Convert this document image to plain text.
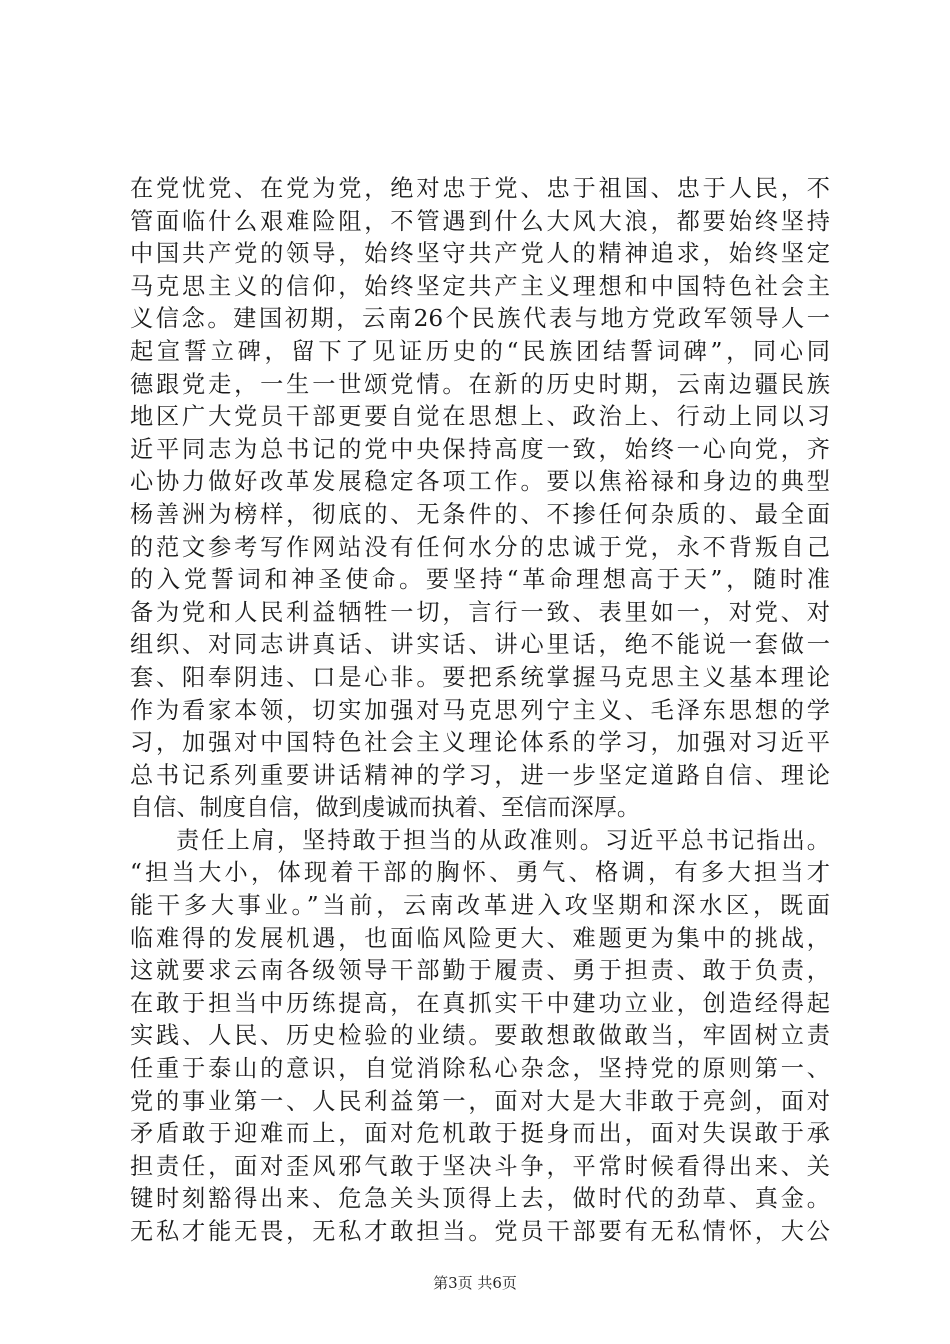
在党忧党、在党为党，绝对忠于党、忠于祖国、忠于人民，不
管面临什么艰难险阻，不管遇到什么大风大浪，都要始终坚持
中国共产党的领导，始终坚守共产党人的精神追求，始终坚定
马克思主义的信仰，始终坚定共产主义理想和中国特色社会主
义信念。建国初期，云南26个民族代表与地方党政军领导人一
起宣誓立碑，留下了见证历史的“民族团结誓词碑”，同心同
德跟党走，一生一世颂党情。在新的历史时期，云南边疆民族
地区广大党员干部更要自觉在思想上、政治上、行动上同以习
近平同志为总书记的党中央保持高度一致，始终一心向党，齐
心协力做好改革发展稳定各项工作。要以焦裕禄和身边的典型
杨善洲为榜样，彻底的、无条件的、不掺任何杂质的、最全面
的范文参考写作网站没有任何水分的忠诚于党，永不背叛自己
的入党誓词和神圣使命。要坚持“革命理想高于天”，随时准
备为党和人民利益牺牲一切，言行一致、表里如一，对党、对
组织、对同志讲真话、讲实话、讲心里话，绝不能说一套做一
套、阳奉阴违、口是心非。要把系统掌握马克思主义基本理论
作为看家本领，切实加强对马克思列宁主义、毛泽东思想的学
习，加强对中国特色社会主义理论体系的学习，加强对习近平
总书记系列重要讲话精神的学习，进一步坚定道路自信、理论
自信、制度自信，做到虔诚而执着、至信而深厚。
责任上肩，坚持敢于担当的从政准则。习近平总书记指出。
“担当大小，体现着干部的胸怀、勇气、格调，有多大担当才
能干多大事业。”当前，云南改革进入攻坚期和深水区，既面
临难得的发展机遇，也面临风险更大、难题更为集中的挑战，
这就要求云南各级领导干部勤于履责、勇于担责、敢于负责，
在敢于担当中历练提高，在真抓实干中建功立业，创造经得起
实践、人民、历史检验的业绩。要敢想敢做敢当，牢固树立责
任重于泰山的意识，自觉消除私心杂念，坚持党的原则第一、
党的事业第一、人民利益第一，面对大是大非敢于亮剑，面对
矛盾敢于迎难而上，面对危机敢于挺身而出，面对失误敢于承
担责任，面对歪风邪气敢于坚决斗争，平常时候看得出来、关
键时刻豁得出来、危急关头顶得上去，做时代的劲草、真金。
无私才能无畏，无私才敢担当。党员干部要有无私情怀，大公
第3页 共6页
